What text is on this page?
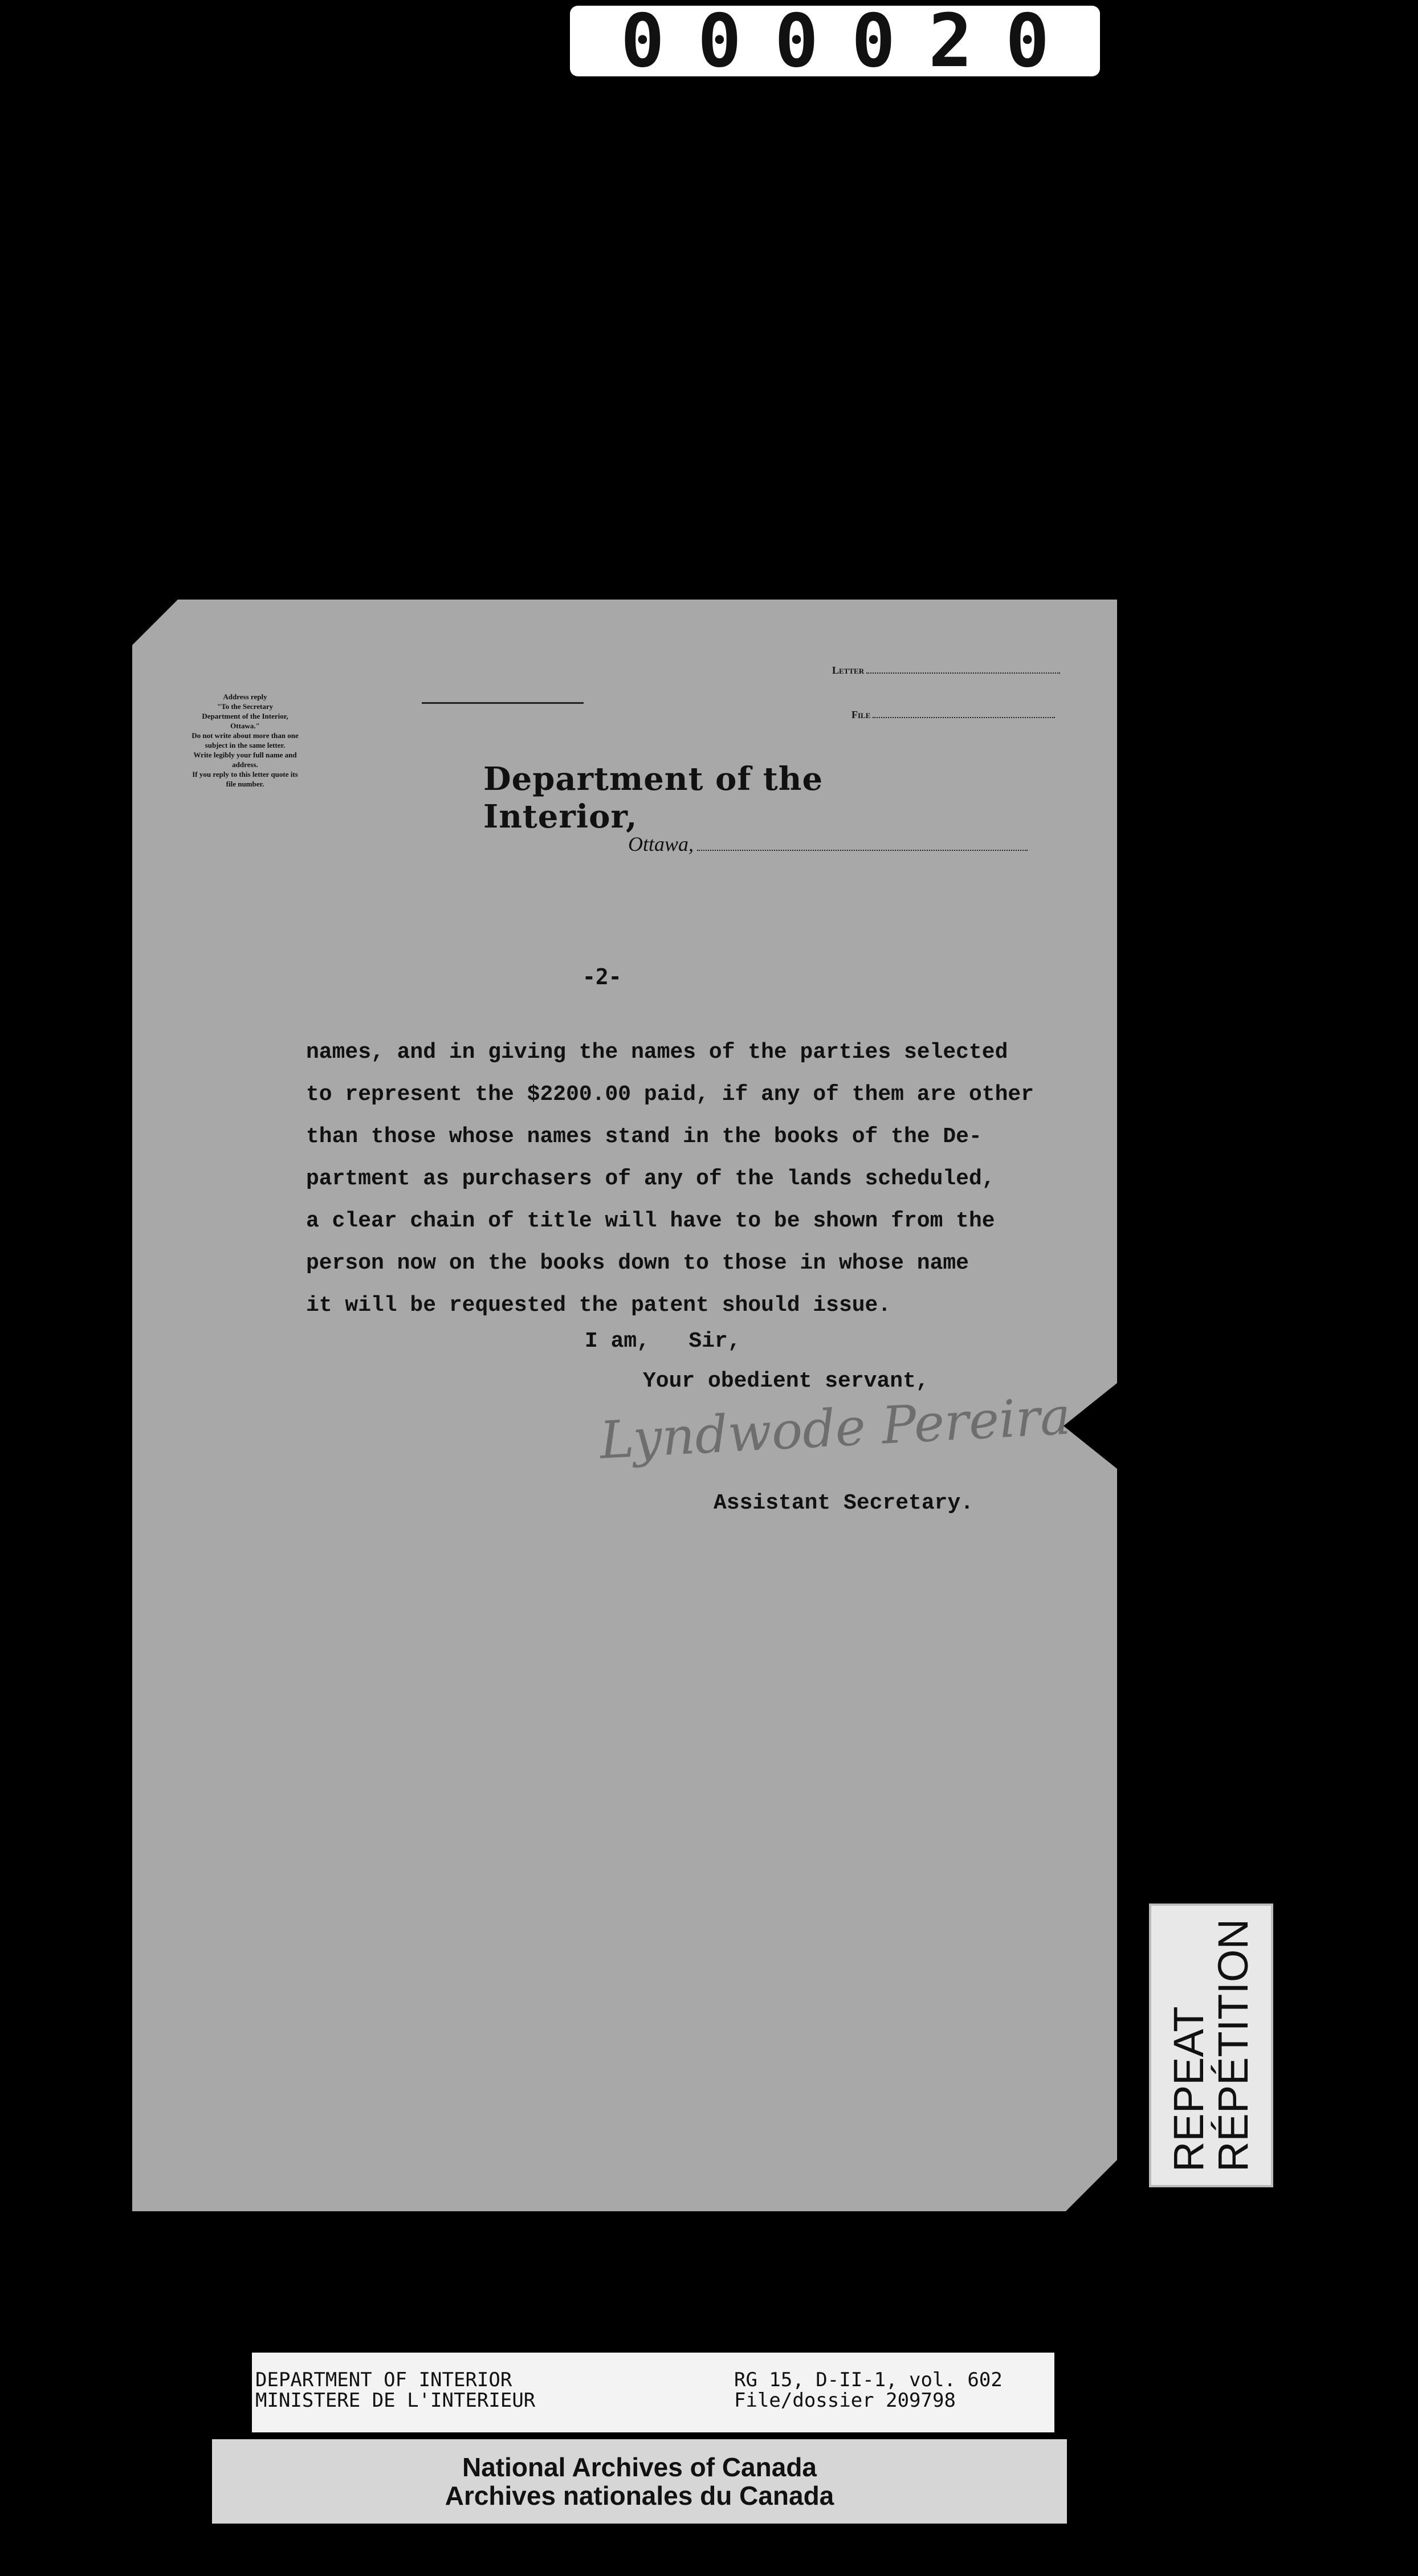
000020
Address reply
"To the Secretary
Department of the Interior,
Ottawa."
Do not write about more than one
subject in the same letter.
Write legibly your full name and
address.
If you reply to this letter quote its
file number.
Letter
File
Department of the Interior,
Ottawa,
-2-
names, and in giving the names of the parties selected
to represent the $2200.00 paid, if any of them are other
than those whose names stand in the books of the De-
partment as purchasers of any of the lands scheduled,
a clear chain of title will have to be shown from the
person now on the books down to those in whose name
it will be requested the patent should issue.
I am,   Sir,
Your obedient servant,
Lyndwode Pereira
Assistant Secretary.
REPEAT
RÉPÉTITION
DEPARTMENT OF INTERIOR
MINISTERE DE L'INTERIEUR
RG 15, D-II-1, vol. 602
File/dossier 209798
National Archives of Canada
Archives nationales du Canada
